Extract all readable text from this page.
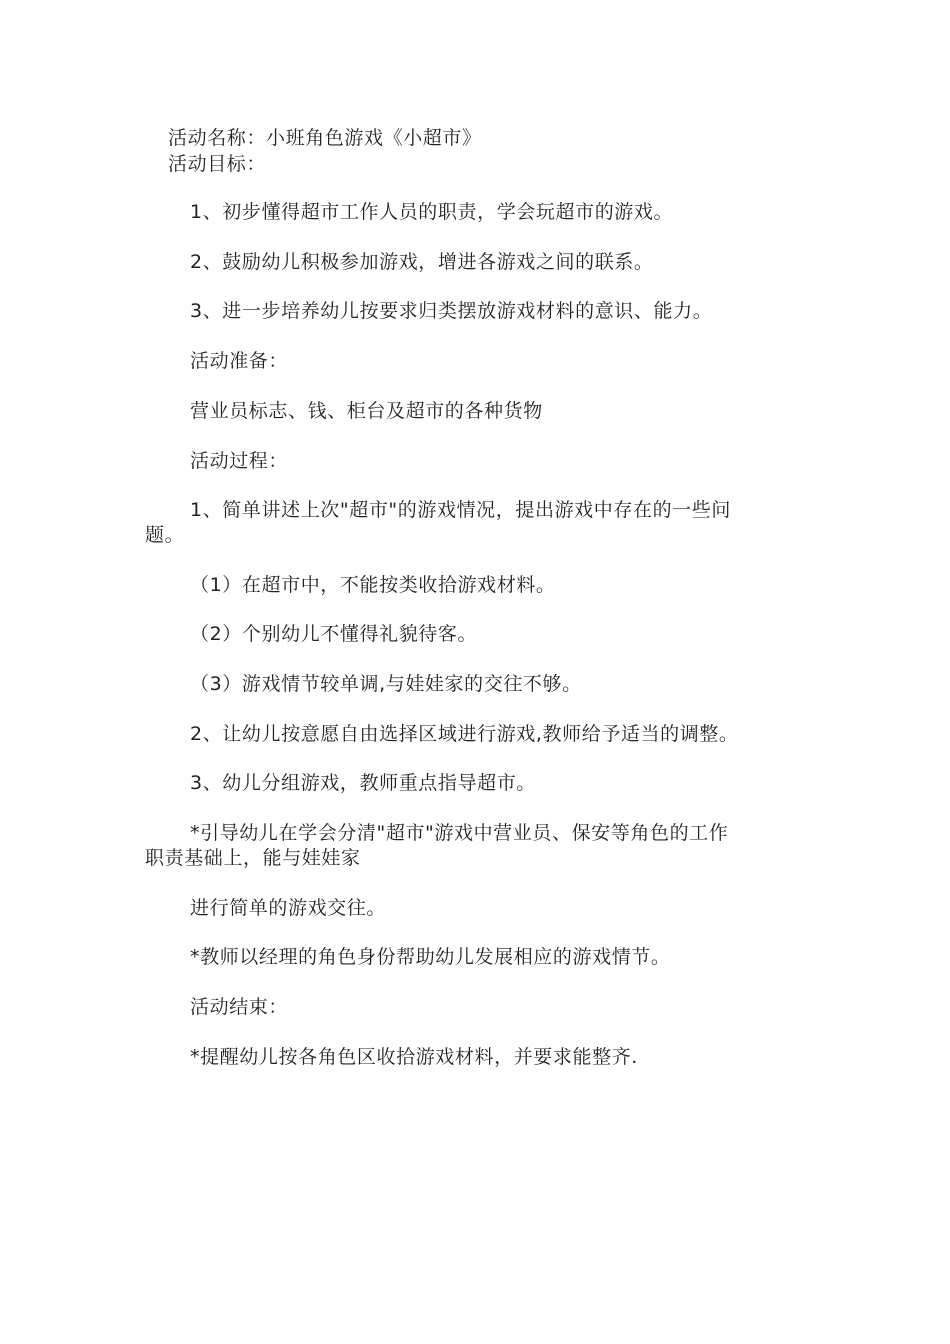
活动名称：小班角色游戏《小超市》
活动目标：
1、初步懂得超市工作人员的职责，学会玩超市的游戏。
2、鼓励幼儿积极参加游戏，增进各游戏之间的联系。
3、进一步培养幼儿按要求归类摆放游戏材料的意识、能力。
活动准备：
营业员标志、钱、柜台及超市的各种货物
活动过程：
1、简单讲述上次"超市"的游戏情况，提出游戏中存在的一些问
题。
（1）在超市中，不能按类收拾游戏材料。
（2）个别幼儿不懂得礼貌待客。
（3）游戏情节较单调,与娃娃家的交往不够。
2、让幼儿按意愿自由选择区域进行游戏,教师给予适当的调整。
3、幼儿分组游戏，教师重点指导超市。
*引导幼儿在学会分清"超市"游戏中营业员、保安等角色的工作
职责基础上，能与娃娃家
进行简单的游戏交往。
*教师以经理的角色身份帮助幼儿发展相应的游戏情节。
活动结束：
*提醒幼儿按各角色区收拾游戏材料，并要求能整齐.
